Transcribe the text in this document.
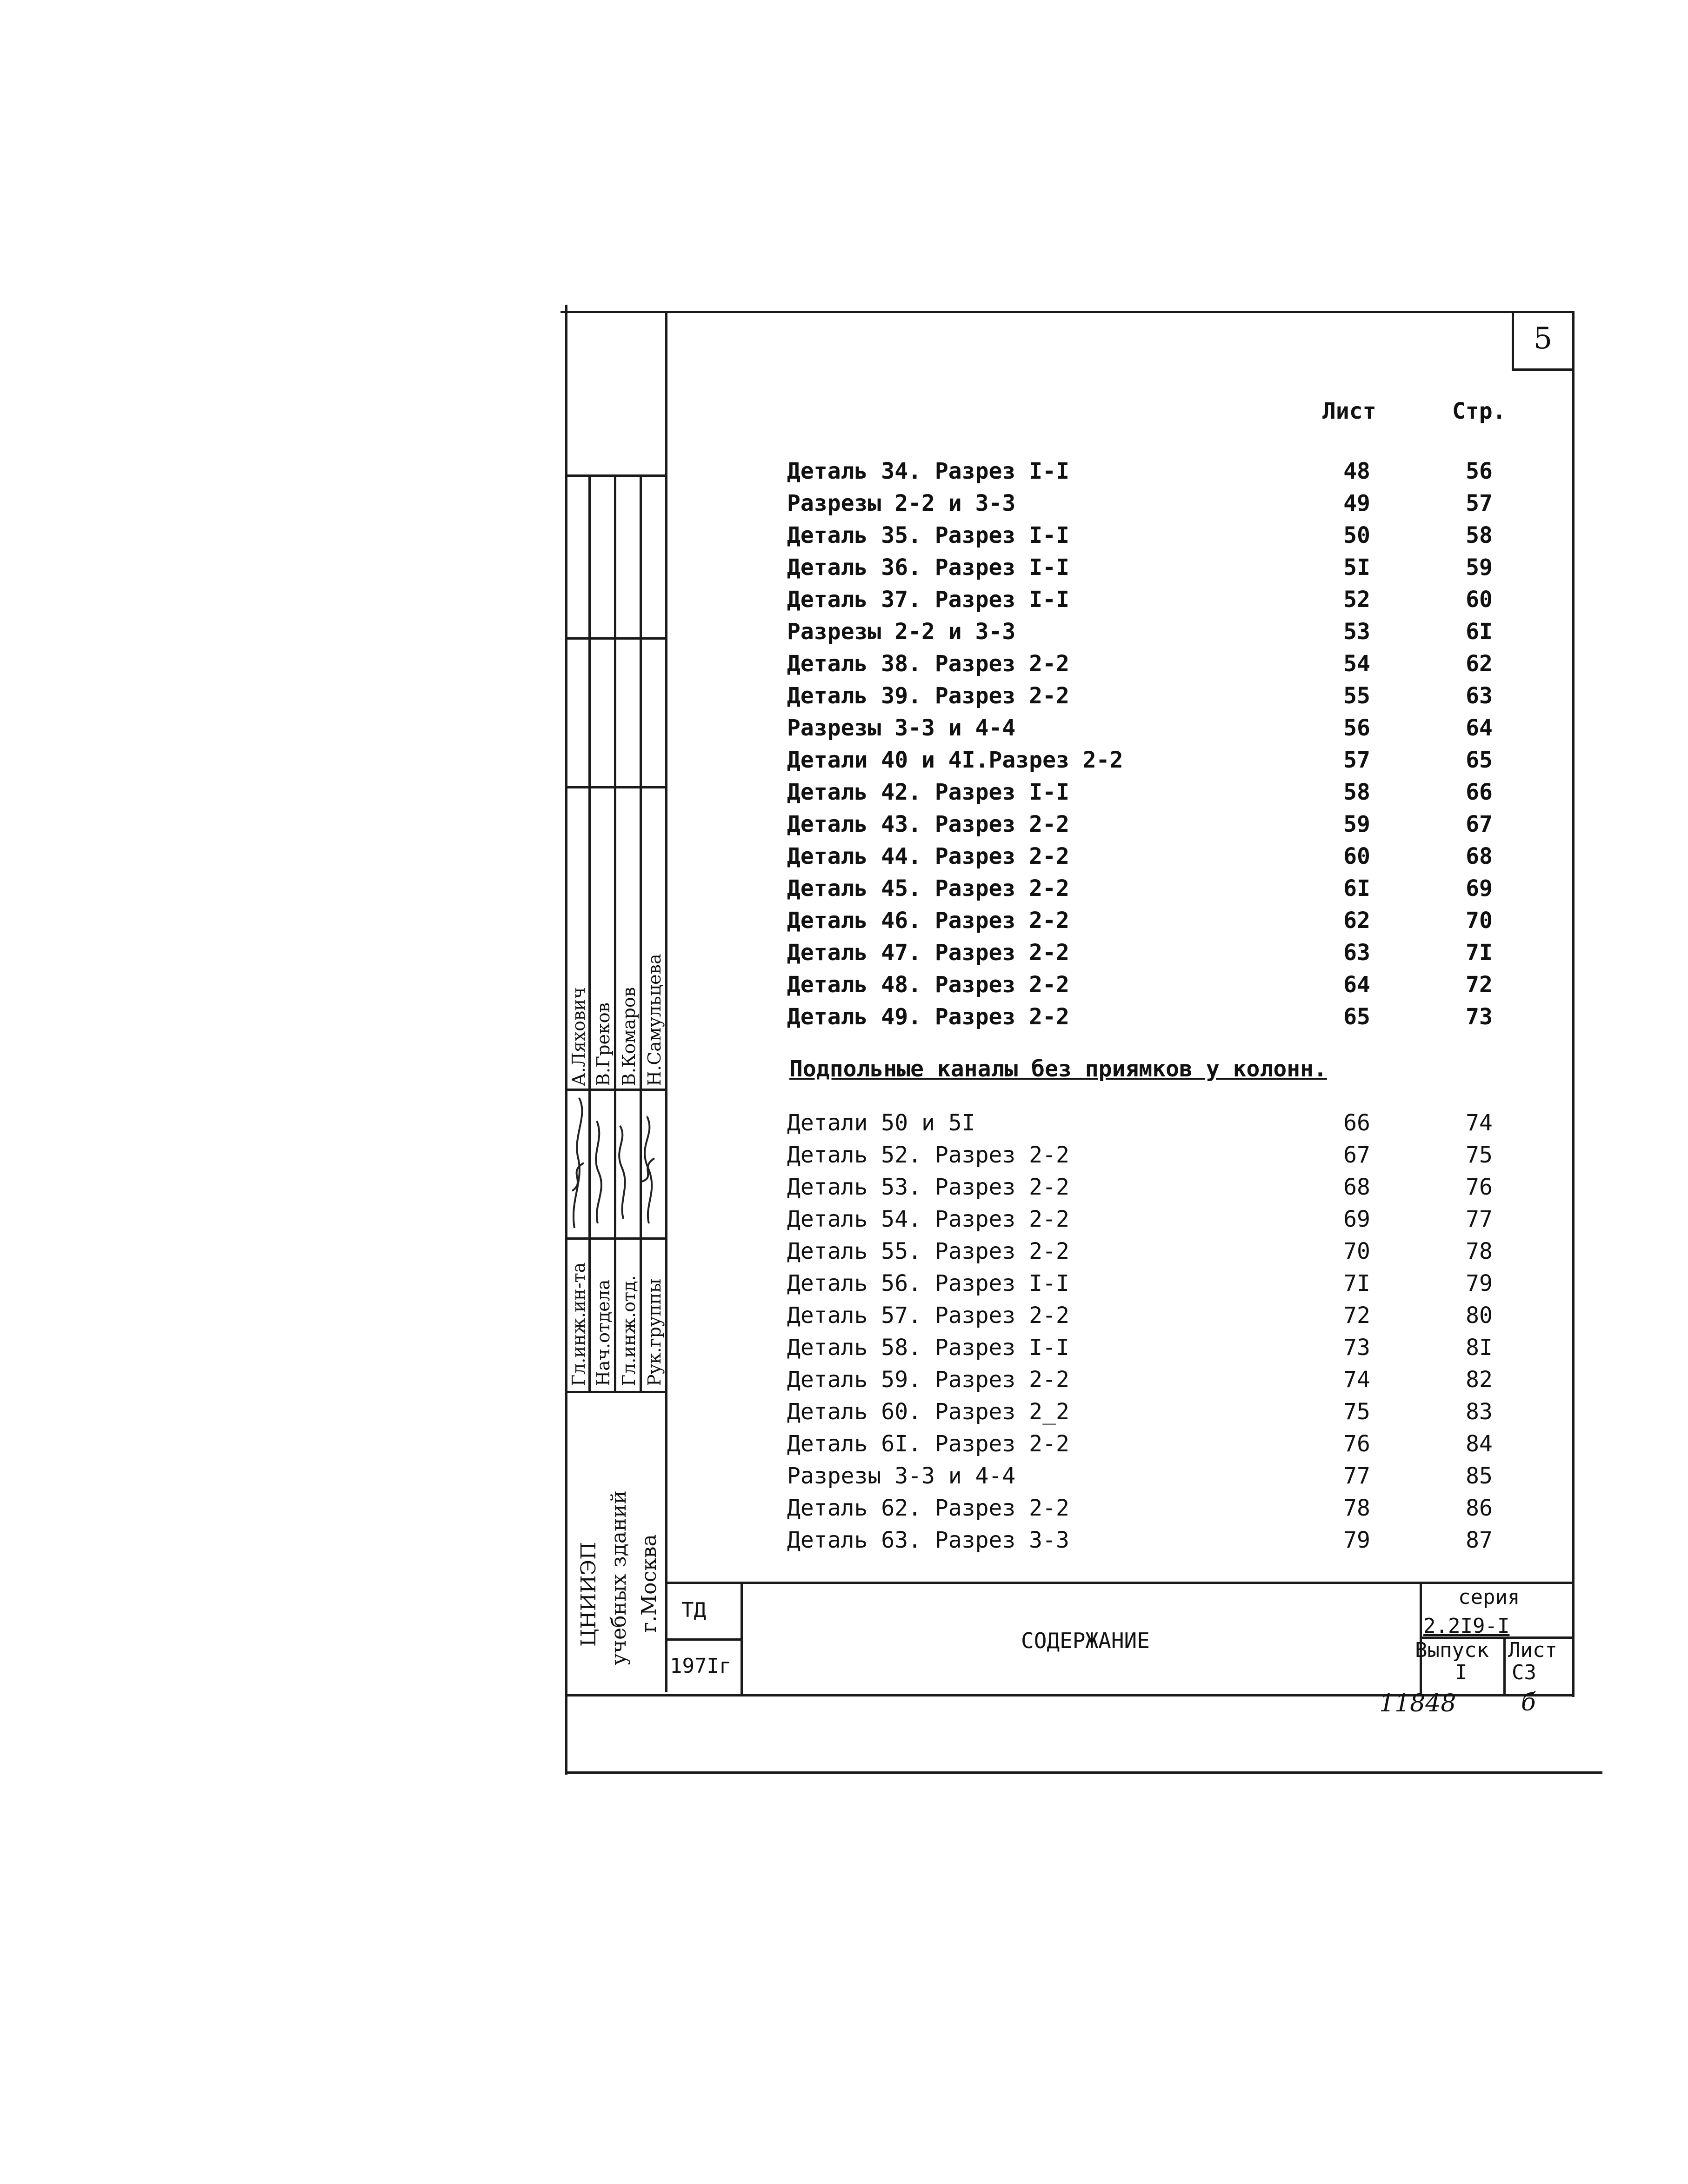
5
Лист	Стр.
Деталь 34. Разрез I-I	48	56
Разрезы 2-2 и 3-3	49	57
Деталь 35. Разрез I-I	50	58
Деталь 36. Разрез I-I	5I	59
Деталь 37. Разрез I-I	52	60
Разрезы 2-2 и 3-3	53	6I
Деталь 38. Разрез 2-2	54	62
Деталь 39. Разрез 2-2	55	63
Разрезы 3-3 и 4-4	56	64
Детали 40 и 4I.Разрез 2-2	57	65
Деталь 42. Разрез I-I	58	66
Деталь 43. Разрез 2-2	59	67
Деталь 44. Разрез 2-2	60	68
Деталь 45. Разрез 2-2	6I	69
Деталь 46. Разрез 2-2	62	70
Деталь 47. Разрез 2-2	63	7I
Деталь 48. Разрез 2-2	64	72
Деталь 49. Разрез 2-2	65	73
Подпольные каналы без приямков у колонн.
Детали 50 и 5I	66	74
Деталь 52. Разрез 2-2	67	75
Деталь 53. Разрез 2-2	68	76
Деталь 54. Разрез 2-2	69	77
Деталь 55. Разрез 2-2	70	78
Деталь 56. Разрез I-I	7I	79
Деталь 57. Разрез 2-2	72	80
Деталь 58. Разрез I-I	73	8I
Деталь 59. Разрез 2-2	74	82
Деталь 60. Разрез 2_2	75	83
Деталь 6I. Разрез 2-2	76	84
Разрезы 3-3 и 4-4	77	85
Деталь 62. Разрез 2-2	78	86
Деталь 63. Разрез 3-3	79	87
ТД
197Iг
СОДЕРЖАНИЕ
серия
2.2I9-I
Выпуск
I
Лист
С3
Гл.инж.ин-та Нач.отдела Гл.инж.отд. Рук.группы
А.Ляхович В.Греков В.Комаров Н.Самульцева
ЦНИИЭП учебных зданий г.Москва
11848	б
